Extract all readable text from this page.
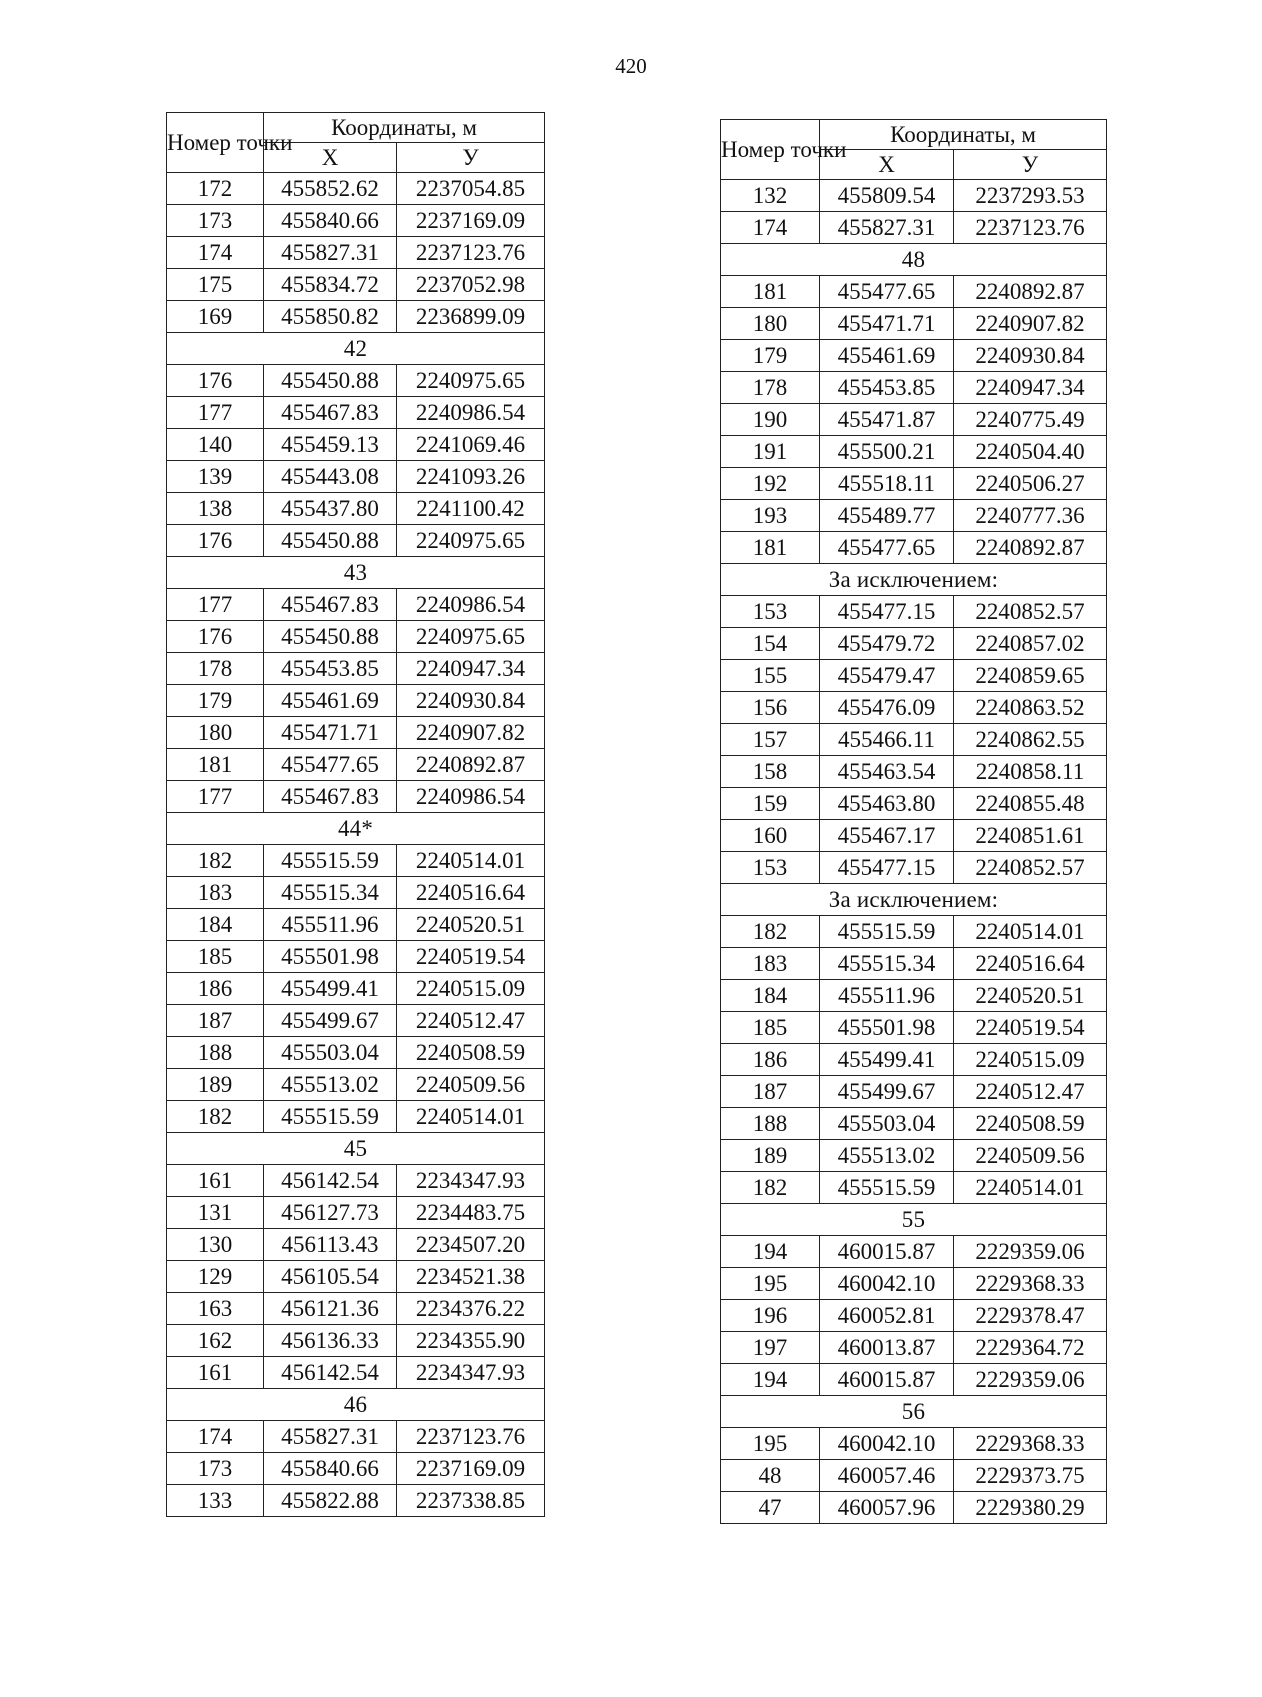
420
Номер точки	Координаты, м	
	Х	У
172	455852.62	2237054.85
173	455840.66	2237169.09
174	455827.31	2237123.76
175	455834.72	2237052.98
169	455850.82	2236899.09
42		
176	455450.88	2240975.65
177	455467.83	2240986.54
140	455459.13	2241069.46
139	455443.08	2241093.26
138	455437.80	2241100.42
176	455450.88	2240975.65
43		
177	455467.83	2240986.54
176	455450.88	2240975.65
178	455453.85	2240947.34
179	455461.69	2240930.84
180	455471.71	2240907.82
181	455477.65	2240892.87
177	455467.83	2240986.54
44*		
182	455515.59	2240514.01
183	455515.34	2240516.64
184	455511.96	2240520.51
185	455501.98	2240519.54
186	455499.41	2240515.09
187	455499.67	2240512.47
188	455503.04	2240508.59
189	455513.02	2240509.56
182	455515.59	2240514.01
45		
161	456142.54	2234347.93
131	456127.73	2234483.75
130	456113.43	2234507.20
129	456105.54	2234521.38
163	456121.36	2234376.22
162	456136.33	2234355.90
161	456142.54	2234347.93
46		
174	455827.31	2237123.76
173	455840.66	2237169.09
133	455822.88	2237338.85
Номер точки	Координаты, м	
	Х	У
132	455809.54	2237293.53
174	455827.31	2237123.76
48		
181	455477.65	2240892.87
180	455471.71	2240907.82
179	455461.69	2240930.84
178	455453.85	2240947.34
190	455471.87	2240775.49
191	455500.21	2240504.40
192	455518.11	2240506.27
193	455489.77	2240777.36
181	455477.65	2240892.87
За исключением:		
153	455477.15	2240852.57
154	455479.72	2240857.02
155	455479.47	2240859.65
156	455476.09	2240863.52
157	455466.11	2240862.55
158	455463.54	2240858.11
159	455463.80	2240855.48
160	455467.17	2240851.61
153	455477.15	2240852.57
За исключением:		
182	455515.59	2240514.01
183	455515.34	2240516.64
184	455511.96	2240520.51
185	455501.98	2240519.54
186	455499.41	2240515.09
187	455499.67	2240512.47
188	455503.04	2240508.59
189	455513.02	2240509.56
182	455515.59	2240514.01
55		
194	460015.87	2229359.06
195	460042.10	2229368.33
196	460052.81	2229378.47
197	460013.87	2229364.72
194	460015.87	2229359.06
56		
195	460042.10	2229368.33
48	460057.46	2229373.75
47	460057.96	2229380.29
